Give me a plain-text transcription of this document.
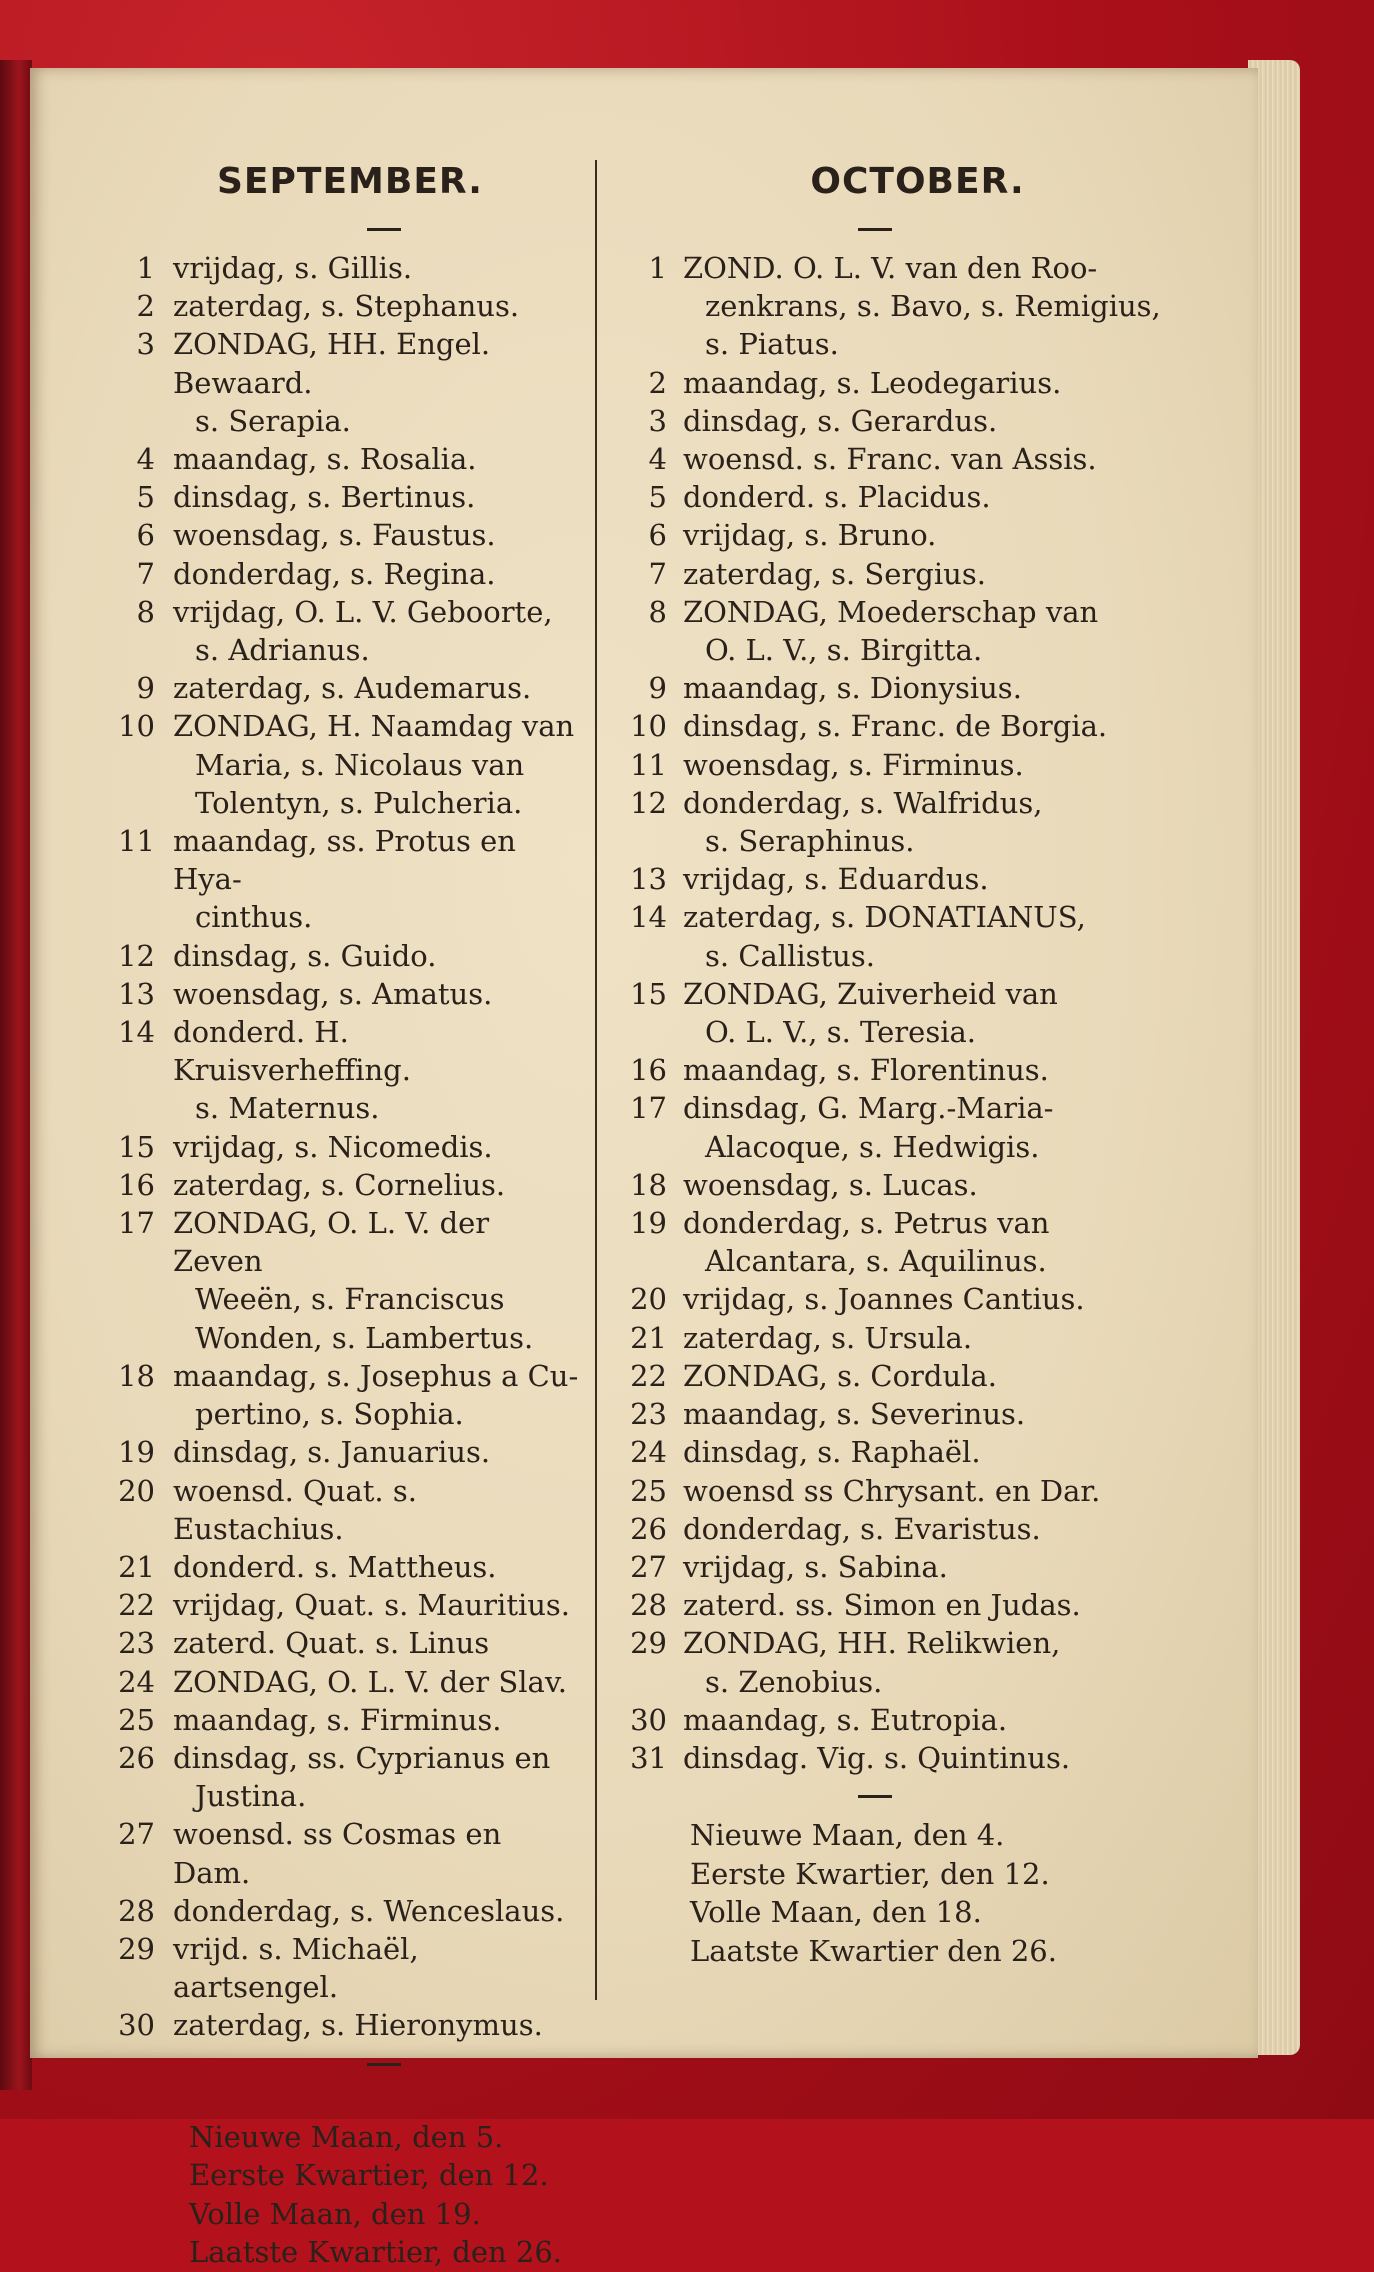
SEPTEMBER.
1 vrijdag, s. Gillis.
2 zaterdag, s. Stephanus.
3 ZONDAG, HH. Engel. Bewaard.
s. Serapia.
4 maandag, s. Rosalia.
5 dinsdag, s. Bertinus.
6 woensdag, s. Faustus.
7 donderdag, s. Regina.
8 vrijdag, O. L. V. Geboorte,
s. Adrianus.
9 zaterdag, s. Audemarus.
10 ZONDAG, H. Naamdag van
Maria, s. Nicolaus van Tolentyn, s. Pulcheria.
11 maandag, ss. Protus en Hya-
cinthus.
12 dinsdag, s. Guido.
13 woensdag, s. Amatus.
14 donderd. H. Kruisverheffing.
s. Maternus.
15 vrijdag, s. Nicomedis.
16 zaterdag, s. Cornelius.
17 ZONDAG, O. L. V. der Zeven
Weeën, s. Franciscus Wonden, s. Lambertus.
18 maandag, s. Josephus a Cu-
pertino, s. Sophia.
19 dinsdag, s. Januarius.
20 woensd. Quat. s. Eustachius.
21 donderd. s. Mattheus.
22 vrijdag, Quat. s. Mauritius.
23 zaterd. Quat. s. Linus
24 ZONDAG, O. L. V. der Slav.
25 maandag, s. Firminus.
26 dinsdag, ss. Cyprianus en
Justina.
27 woensd. ss Cosmas en Dam.
28 donderdag, s. Wenceslaus.
29 vrijd. s. Michaël, aartsengel.
30 zaterdag, s. Hieronymus.
Nieuwe Maan, den 5.
Eerste Kwartier, den 12.
Volle Maan, den 19.
Laatste Kwartier, den 26.
OCTOBER.
1 ZOND. O. L. V. van den Roo-
zenkrans, s. Bavo, s. Remigius, s. Piatus.
2 maandag, s. Leodegarius.
3 dinsdag, s. Gerardus.
4 woensd. s. Franc. van Assis.
5 donderd. s. Placidus.
6 vrijdag, s. Bruno.
7 zaterdag, s. Sergius.
8 ZONDAG, Moederschap van
O. L. V., s. Birgitta.
9 maandag, s. Dionysius.
10 dinsdag, s. Franc. de Borgia.
11 woensdag, s. Firminus.
12 donderdag, s. Walfridus,
s. Seraphinus.
13 vrijdag, s. Eduardus.
14 zaterdag, s. DONATIANUS,
s. Callistus.
15 ZONDAG, Zuiverheid van
O. L. V., s. Teresia.
16 maandag, s. Florentinus.
17 dinsdag, G. Marg.-Maria-
Alacoque, s. Hedwigis.
18 woensdag, s. Lucas.
19 donderdag, s. Petrus van
Alcantara, s. Aquilinus.
20 vrijdag, s. Joannes Cantius.
21 zaterdag, s. Ursula.
22 ZONDAG, s. Cordula.
23 maandag, s. Severinus.
24 dinsdag, s. Raphaël.
25 woensd ss Chrysant. en Dar.
26 donderdag, s. Evaristus.
27 vrijdag, s. Sabina.
28 zaterd. ss. Simon en Judas.
29 ZONDAG, HH. Relikwien,
s. Zenobius.
30 maandag, s. Eutropia.
31 dinsdag. Vig. s. Quintinus.
Nieuwe Maan, den 4.
Eerste Kwartier, den 12.
Volle Maan, den 18.
Laatste Kwartier den 26.
